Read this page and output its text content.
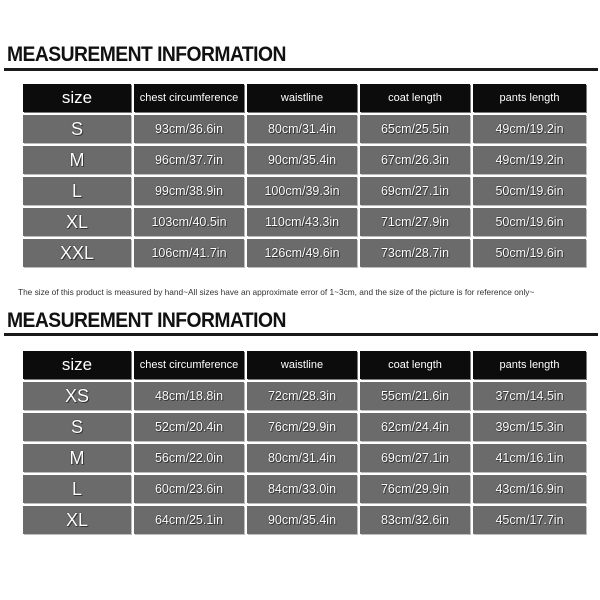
MEASUREMENT INFORMATION
size	chest circumference	waistline	coat length	pants length
S	93cm/36.6in	80cm/31.4in	65cm/25.5in	49cm/19.2in
M	96cm/37.7in	90cm/35.4in	67cm/26.3in	49cm/19.2in
L	99cm/38.9in	100cm/39.3in	69cm/27.1in	50cm/19.6in
XL	103cm/40.5in	110cm/43.3in	71cm/27.9in	50cm/19.6in
XXL	106cm/41.7in	126cm/49.6in	73cm/28.7in	50cm/19.6in

The size of this product is measured by hand~All sizes have an approximate error of 1~3cm, and the size of the picture is for reference only~

MEASUREMENT INFORMATION
size	chest circumference	waistline	coat length	pants length
XS	48cm/18.8in	72cm/28.3in	55cm/21.6in	37cm/14.5in
S	52cm/20.4in	76cm/29.9in	62cm/24.4in	39cm/15.3in
M	56cm/22.0in	80cm/31.4in	69cm/27.1in	41cm/16.1in
L	60cm/23.6in	84cm/33.0in	76cm/29.9in	43cm/16.9in
XL	64cm/25.1in	90cm/35.4in	83cm/32.6in	45cm/17.7in
